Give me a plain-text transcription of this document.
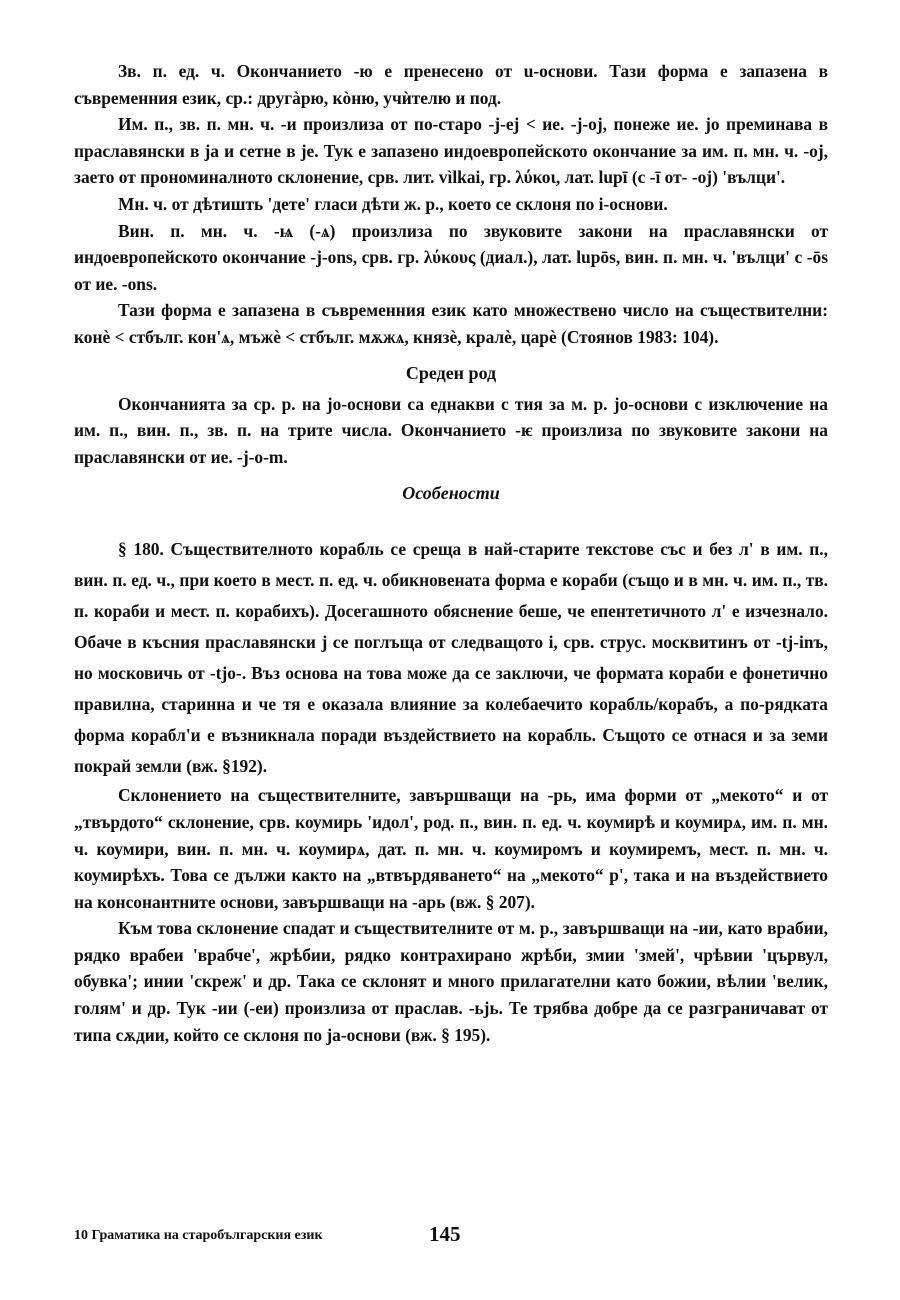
Зв. п. ед. ч. Окончанието -ю е пренесено от u-основи. Тази форма е запазена в съвременния език, ср.: другàрю, кòню, учѝтелю и под.

Им. п., зв. п. мн. ч. -и произлиза от по-старо -j-ej < ие. -j-oj, понеже ие. jo преминава в праславянски в ja и сетне в je. Тук е запазено индоевропейското окончание за им. п. мн. ч. -oj, заето от прономиналното склонение, срв. лит. vìlkai, гр. λύκοι, лат. lupī (с -ī от- -oj) 'вълци'.

Мн. ч. от дѣтишть 'дете' гласи дѣти ж. р., което се склоня по i-основи.

Вин. п. мн. ч. -ѩ (-ѧ) произлиза по звуковите закони на праславянски от индоевропейското окончание -j-ons, срв. гр. λύκους (диал.), лат. lupōs, вин. п. мн. ч. 'вълци' с -ōs от ие. -ons.

Тази форма е запазена в съвременния език като множествено число на съществителни: конѐ < стбълг. кон'ѧ, мъжѐ < стбълг. мѫжѧ, князѐ, кралѐ, царѐ (Стоянов 1983: 104).

Среден род

Окончанията за ср. р. на jo-основи са еднакви с тия за м. р. jo-основи с изключение на им. п., вин. п., зв. п. на трите числа. Окончанието -ѥ произлиза по звуковите закони на праславянски от ие. -j-o-m.

Особености

§ 180. Съществителното корабль се среща в най-старите текстове със и без л' в им. п., вин. п. ед. ч., при което в мест. п. ед. ч. обикновената форма е кораби (също и в мн. ч. им. п., тв. п. кораби и мест. п. корабихъ). Досегашното обяснение беше, че епентетичното л' е изчезнало. Обаче в късния праславянски j се поглъща от следващото i, срв. струс. москвитинъ от -tj-inъ, но московичь от -tjo-. Въз основа на това може да се заключи, че формата кораби е фонетично правилна, старинна и че тя е оказала влияние за колебаечито корабль/корабъ, а по-рядката форма корабл'и е възникнала поради въздействието на корабль. Същото се отнася и за земи покрай земли (вж. §192).

Склонението на съществителните, завършващи на -рь, има форми от „мекото“ и от „твърдото“ склонение, срв. коумирь 'идол', род. п., вин. п. ед. ч. коумирѣ и коумирѧ, им. п. мн. ч. коумири, вин. п. мн. ч. коумирѧ, дат. п. мн. ч. коумиромъ и коумиремъ, мест. п. мн. ч. коумирѣхъ. Това се дължи както на „втвърдяването“ на „мекото“ р', така и на въздействието на консонантните основи, завършващи на -арь (вж. § 207).

Към това склонение спадат и съществителните от м. р., завършващи на -ии, като врабии, рядко врабеи 'врабче', жрѣбии, рядко контрахирано жрѣби, змии 'змей', чрѣвии 'цървул, обувка'; инии 'скреж' и др. Така се склонят и много прилагателни като божии, вѣлии 'велик, голям' и др. Тук -ии (-еи) произлиза от праслав. -ьjь. Те трябва добре да се разграничават от типа сѫдии, който се склоня по ja-основи (вж. § 195).

10 Граматика на старобългарския език	145
